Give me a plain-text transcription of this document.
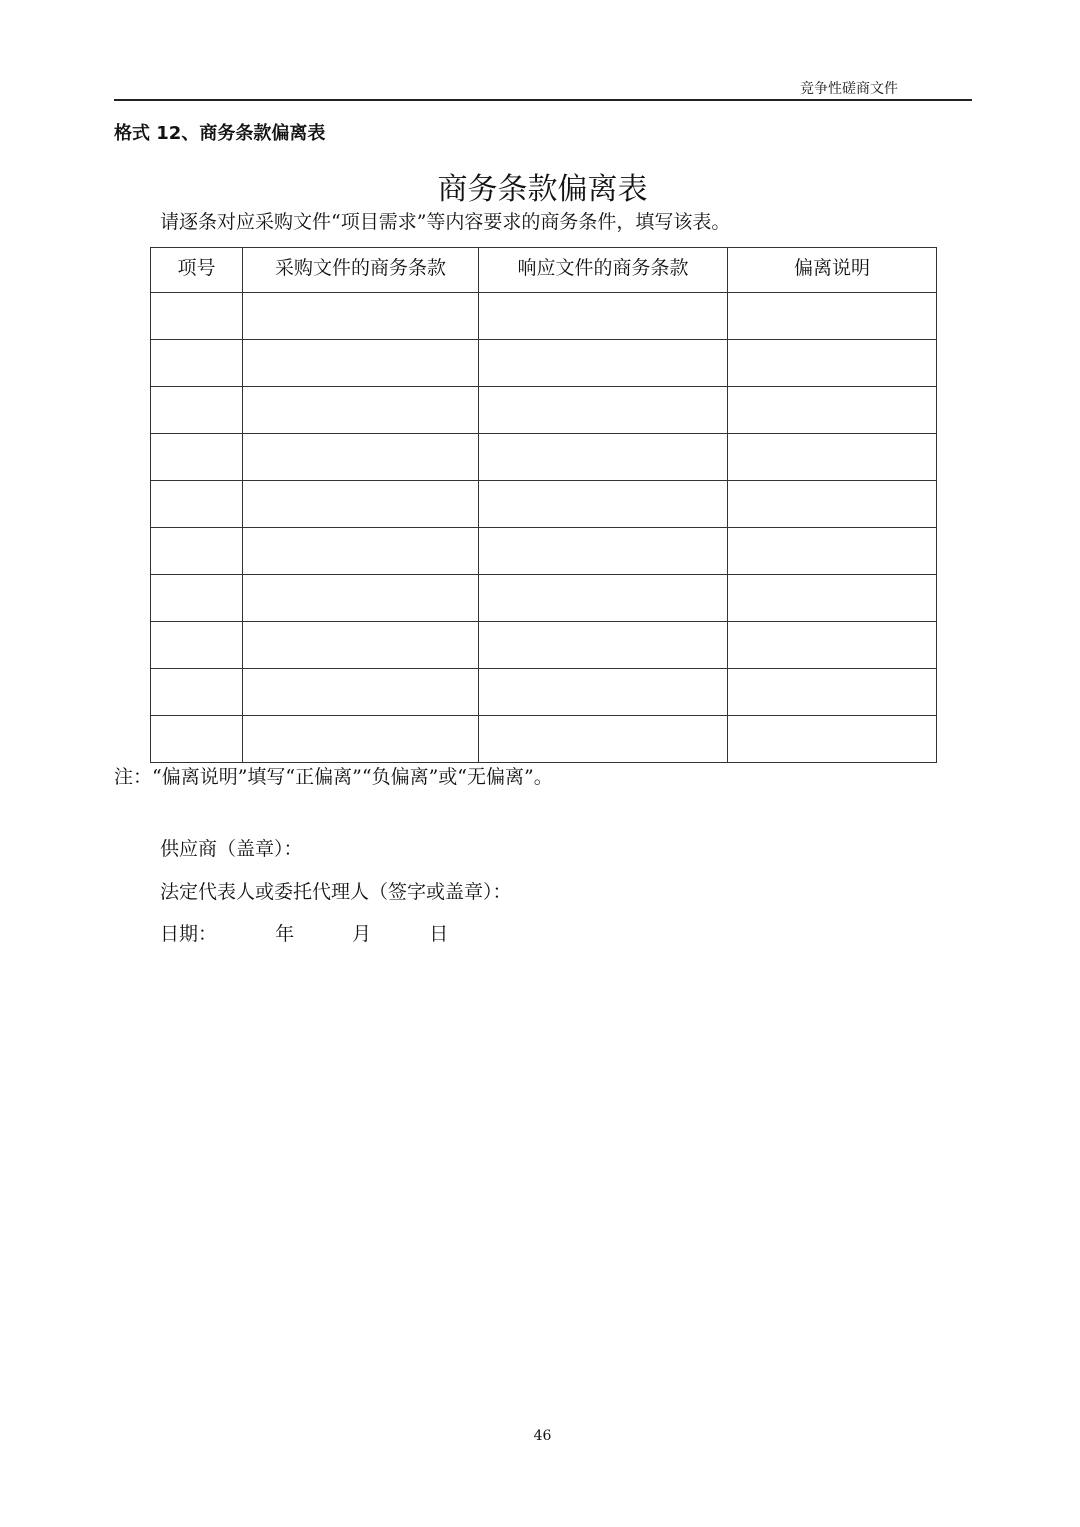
竞争性磋商文件
格式 12、商务条款偏离表
商务条款偏离表
请逐条对应采购文件“项目需求”等内容要求的商务条件，填写该表。
项号	采购文件的商务条款	响应文件的商务条款	偏离说明

注：“偏离说明”填写“正偏离”“负偏离”或“无偏离”。
供应商（盖章）：
法定代表人或委托代理人（签字或盖章）：
日期：	年	月	日
46
